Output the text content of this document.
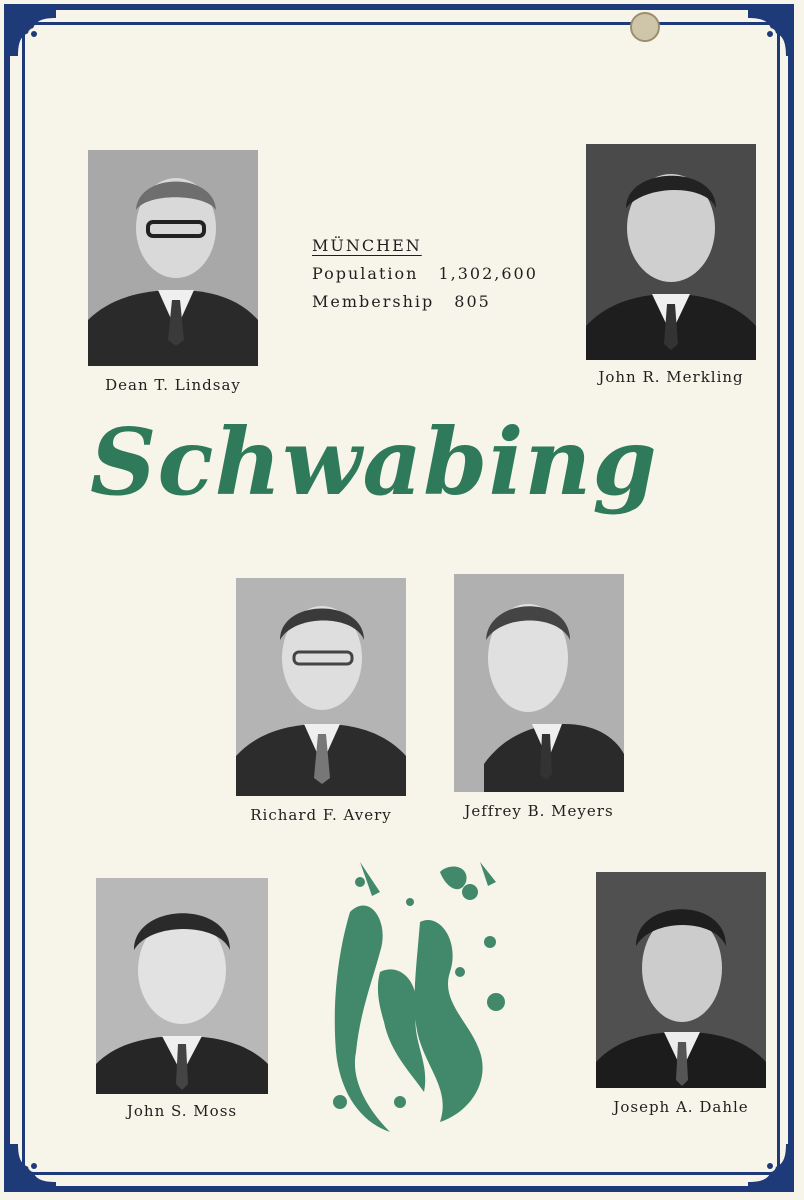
MÜNCHEN
Population 1,302,600
Membership 805
Schwabing
Dean T. Lindsay	John R. Merkling
Richard F. Avery	Jeffrey B. Meyers
John S. Moss	Joseph A. Dahle
